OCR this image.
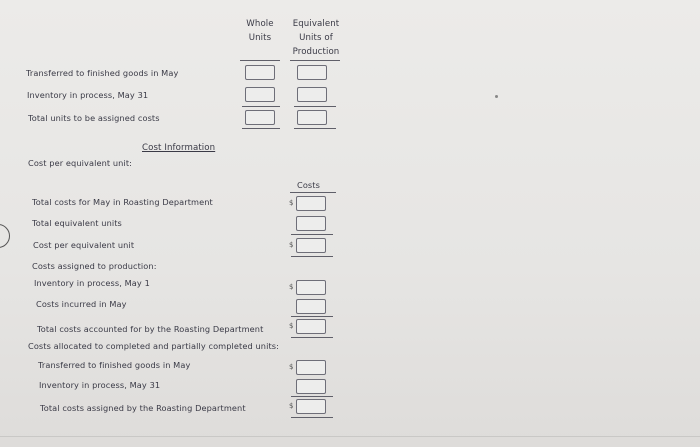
Whole
Units
Equivalent
Units of
Production
Transferred to finished goods in May
Inventory in process, May 31
Total units to be assigned costs
Cost Information
Cost per equivalent unit:
Costs
Total costs for May in Roasting Department
Total equivalent units
Cost per equivalent unit
Costs assigned to production:
Inventory in process, May 1
Costs incurred in May
Total costs accounted for by the Roasting Department
Costs allocated to completed and partially completed units:
Transferred to finished goods in May
Inventory in process, May 31
Total costs assigned by the Roasting Department
$
$
$
$
$
$
